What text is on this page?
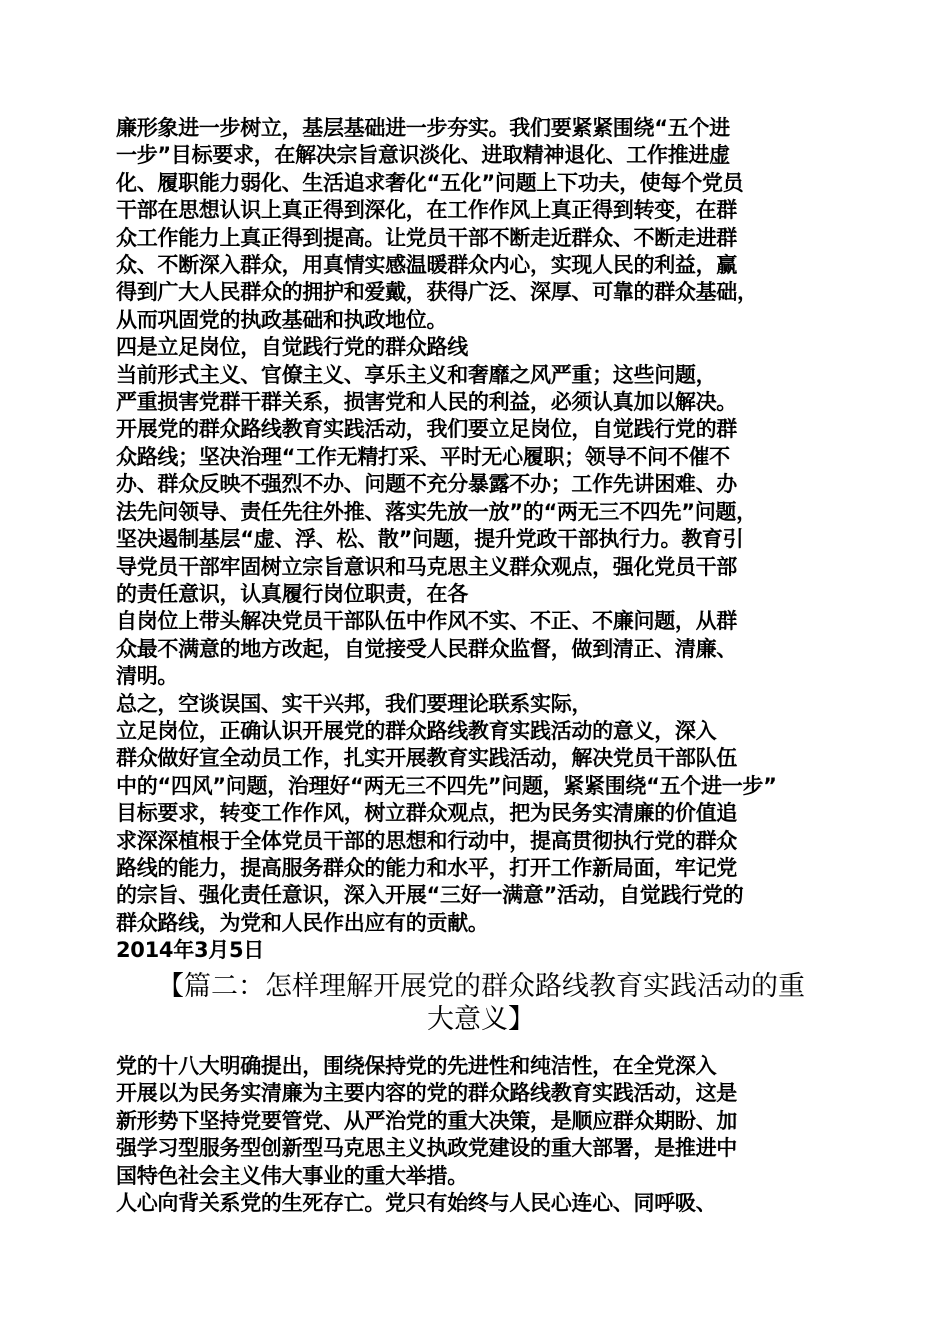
廉形象进一步树立，基层基础进一步夯实。我们要紧紧围绕“五个进
一步”目标要求，在解决宗旨意识淡化、进取精神退化、工作推进虚
化、履职能力弱化、生活追求奢化“五化”问题上下功夫，使每个党员
干部在思想认识上真正得到深化，在工作作风上真正得到转变，在群
众工作能力上真正得到提高。让党员干部不断走近群众、不断走进群
众、不断深入群众，用真情实感温暖群众内心，实现人民的利益，赢
得到广大人民群众的拥护和爱戴，获得广泛、深厚、可靠的群众基础，
从而巩固党的执政基础和执政地位。
四是立足岗位，自觉践行党的群众路线
当前形式主义、官僚主义、享乐主义和奢靡之风严重；这些问题，
严重损害党群干群关系，损害党和人民的利益，必须认真加以解决。
开展党的群众路线教育实践活动，我们要立足岗位，自觉践行党的群
众路线；坚决治理“工作无精打采、平时无心履职；领导不问不催不
办、群众反映不强烈不办、问题不充分暴露不办；工作先讲困难、办
法先问领导、责任先往外推、落实先放一放”的“两无三不四先”问题，
坚决遏制基层“虚、浮、松、散”问题，提升党政干部执行力。教育引
导党员干部牢固树立宗旨意识和马克思主义群众观点，强化党员干部
的责任意识，认真履行岗位职责，在各
自岗位上带头解决党员干部队伍中作风不实、不正、不廉问题，从群
众最不满意的地方改起，自觉接受人民群众监督，做到清正、清廉、
清明。
总之，空谈误国、实干兴邦，我们要理论联系实际，
立足岗位，正确认识开展党的群众路线教育实践活动的意义，深入
群众做好宣全动员工作，扎实开展教育实践活动，解决党员干部队伍
中的“四风”问题，治理好“两无三不四先”问题，紧紧围绕“五个进一步”
目标要求，转变工作作风，树立群众观点，把为民务实清廉的价值追
求深深植根于全体党员干部的思想和行动中，提高贯彻执行党的群众
路线的能力，提高服务群众的能力和水平，打开工作新局面，牢记党
的宗旨、强化责任意识，深入开展“三好一满意”活动，自觉践行党的
群众路线，为党和人民作出应有的贡献。
2014年3月5日
【篇二：怎样理解开展党的群众路线教育实践活动的重
大意义】
党的十八大明确提出，围绕保持党的先进性和纯洁性，在全党深入
开展以为民务实清廉为主要内容的党的群众路线教育实践活动，这是
新形势下坚持党要管党、从严治党的重大决策，是顺应群众期盼、加
强学习型服务型创新型马克思主义执政党建设的重大部署，是推进中
国特色社会主义伟大事业的重大举措。
人心向背关系党的生死存亡。党只有始终与人民心连心、同呼吸、
